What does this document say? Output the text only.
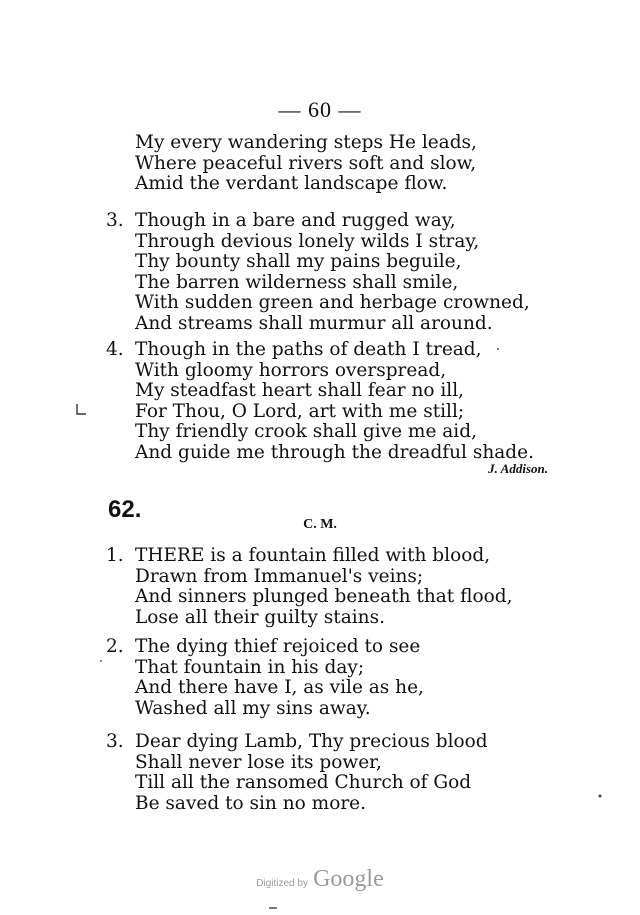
— 60 —
My every wandering steps He leads,
Where peaceful rivers soft and slow,
Amid the verdant landscape flow.
3. Though in a bare and rugged way,
Through devious lonely wilds I stray,
Thy bounty shall my pains beguile,
The barren wilderness shall smile,
With sudden green and herbage crowned,
And streams shall murmur all around.
4. Though in the paths of death I tread,
With gloomy horrors overspread,
My steadfast heart shall fear no ill,
For Thou, O Lord, art with me still;
Thy friendly crook shall give me aid,
And guide me through the dreadful shade.
J. Addison.
62.
C. M.
1. THERE is a fountain filled with blood,
Drawn from Immanuel's veins;
And sinners plunged beneath that flood,
Lose all their guilty stains.
2. The dying thief rejoiced to see
That fountain in his day;
And there have I, as vile as he,
Washed all my sins away.
3. Dear dying Lamb, Thy precious blood
Shall never lose its power,
Till all the ransomed Church of God
Be saved to sin no more.
Digitized by Google
